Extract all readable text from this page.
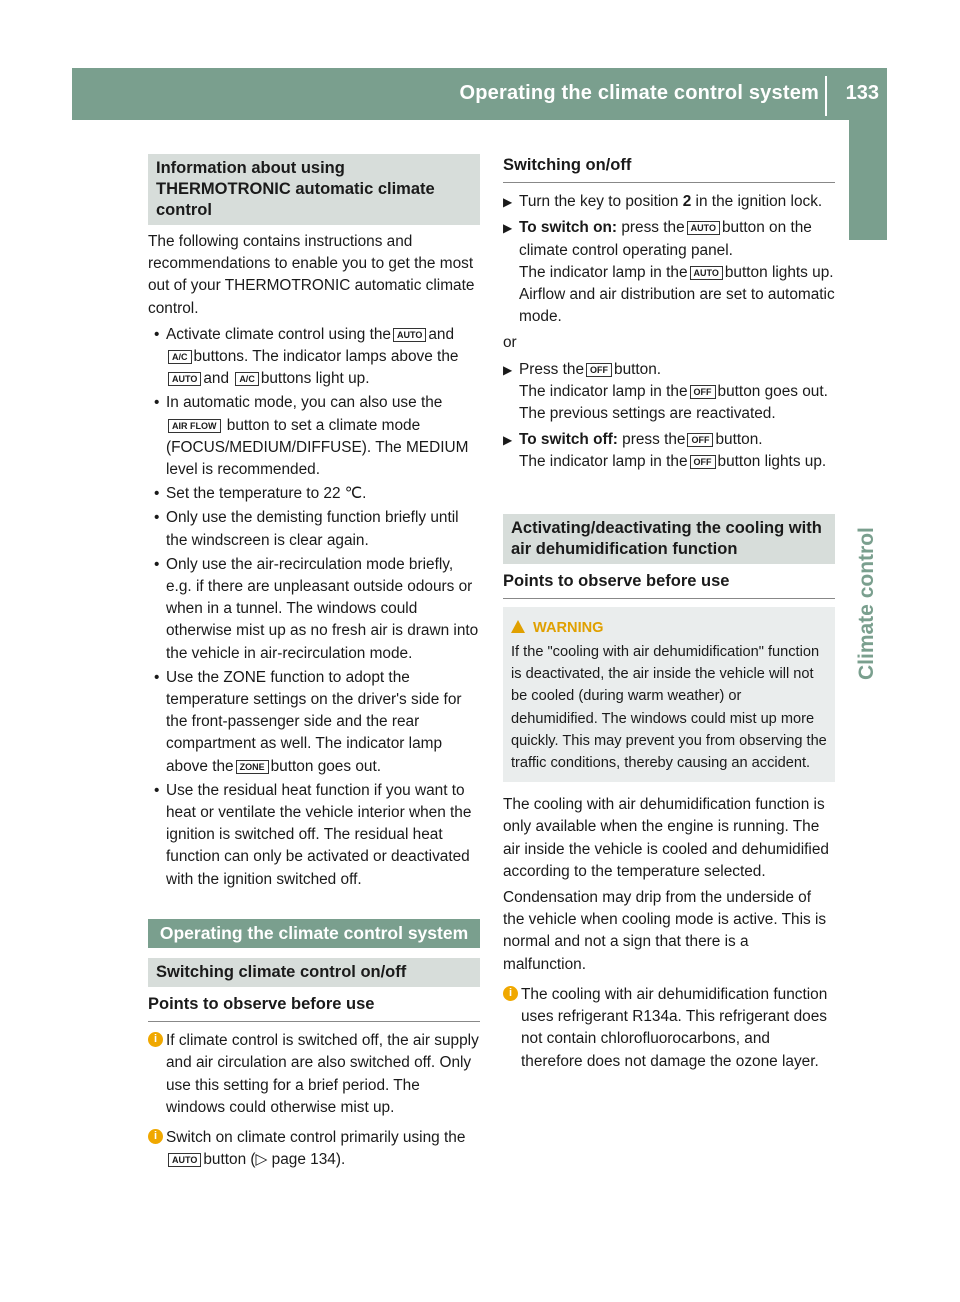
Operating the climate control system 133
Climate control
Information about using THERMOTRONIC automatic climate control

The following contains instructions and recommendations to enable you to get the most out of your THERMOTRONIC automatic climate control.

• Activate climate control using the AUTO and A/C buttons. The indicator lamps above the AUTO and A/C buttons light up.
• In automatic mode, you can also use the AIR FLOW button to set a climate mode (FOCUS/MEDIUM/DIFFUSE). The MEDIUM level is recommended.
• Set the temperature to 22 ℃.
• Only use the demisting function briefly until the windscreen is clear again.
• Only use the air-recirculation mode briefly, e.g. if there are unpleasant outside odours or when in a tunnel. The windows could otherwise mist up as no fresh air is drawn into the vehicle in air-recirculation mode.
• Use the ZONE function to adopt the temperature settings on the driver's side for the front-passenger side and the rear compartment as well. The indicator lamp above the ZONE button goes out.
• Use the residual heat function if you want to heat or ventilate the vehicle interior when the ignition is switched off. The residual heat function can only be activated or deactivated with the ignition switched off.
Operating the climate control system
Switching climate control on/off
Points to observe before use
i If climate control is switched off, the air supply and air circulation are also switched off. Only use this setting for a brief period. The windows could otherwise mist up.
i Switch on climate control primarily using theAUTO button (▷ page 134).
Switching on/off
▶ Turn the key to position 2 in the ignition lock.
▶ To switch on: press the AUTO button on the climate control operating panel.
The indicator lamp in the AUTO button lights up. Airflow and air distribution are set to automatic mode.

or

▶ Press the OFF button.
The indicator lamp in the OFF button goes out. The previous settings are reactivated.
▶ To switch off: press the OFF button.
The indicator lamp in the OFF button lights up.
Activating/deactivating the cooling with air dehumidification function
Points to observe before use
WARNING
If the "cooling with air dehumidification" function is deactivated, the air inside the vehicle will not be cooled (during warm weather) or dehumidified. The windows could mist up more quickly. This may prevent you from observing the traffic conditions, thereby causing an accident.

The cooling with air dehumidification function is only available when the engine is running. The air inside the vehicle is cooled and dehumidified according to the temperature selected.

Condensation may drip from the underside of the vehicle when cooling mode is active. This is normal and not a sign that there is a malfunction.

i The cooling with air dehumidification function uses refrigerant R134a. This refrigerant does not contain chlorofluorocarbons, and therefore does not damage the ozone layer.
